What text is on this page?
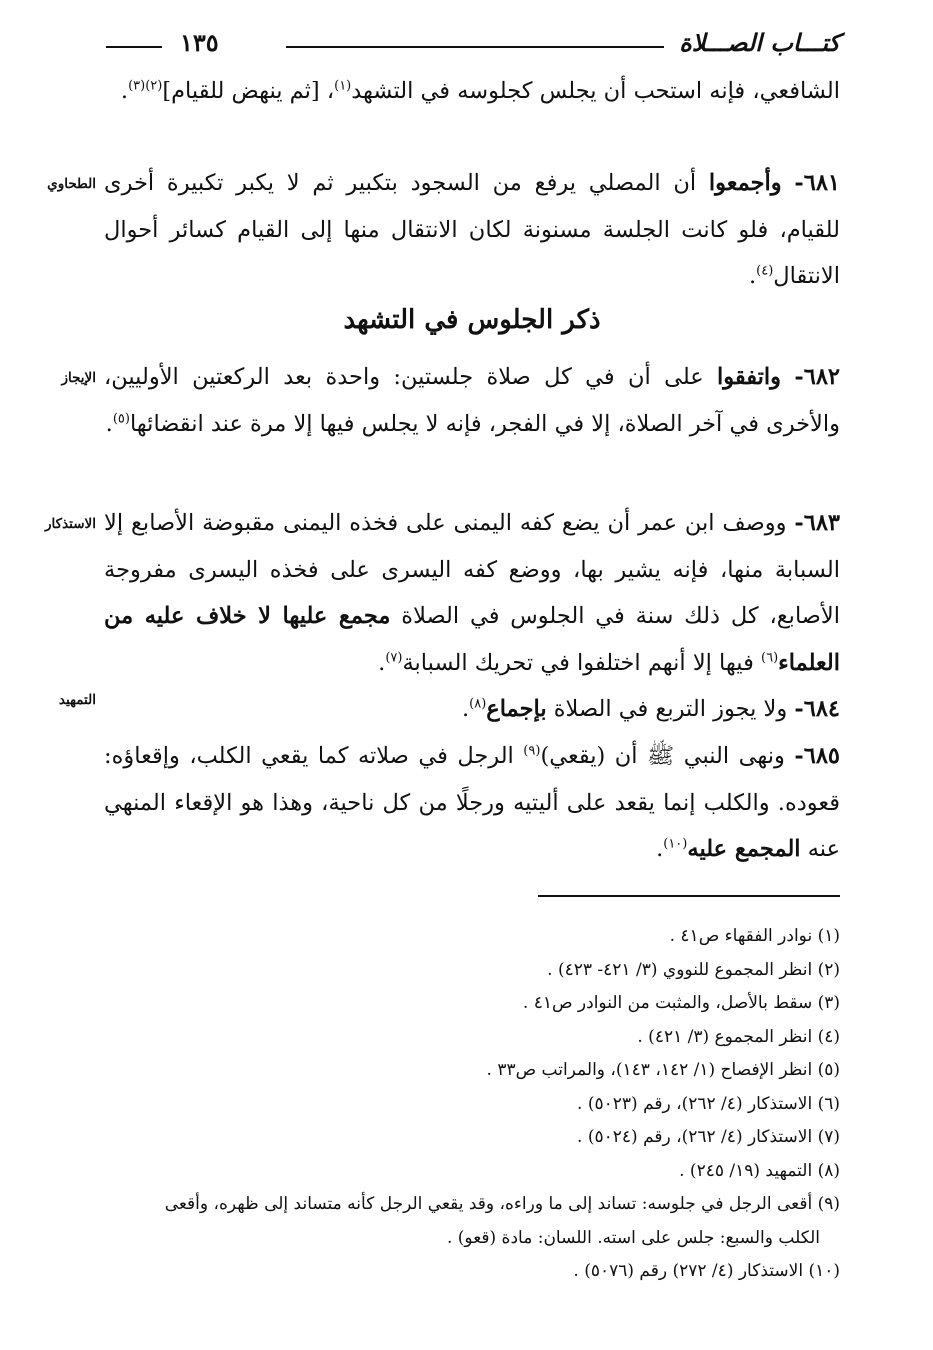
كتـــاب الصـــلاة
١٣٥
الشافعي، فإنه استحب أن يجلس كجلوسه في التشهد$^{(١)}$، [ثم ينهض للقيام]$^{(٢)(٣)}$.
الطحاوي	٦٨١- وأجمعوا أن المصلي يرفع من السجود بتكبير ثم لا يكبر تكبيرة أخرى للقيام، فلو كانت الجلسة مسنونة لكان الانتقال منها إلى القيام كسائر أحوال الانتقال$^{(٤)}$.
ذكر الجلوس في التشهد
الإيجاز	٦٨٢- واتفقوا على أن في كل صلاة جلستين: واحدة بعد الركعتين الأوليين، والأخرى في آخر الصلاة، إلا في الفجر، فإنه لا يجلس فيها إلا مرة عند انقضائها$^{(٥)}$.
الاستذكار	٦٨٣- ووصف ابن عمر أن يضع كفه اليمنى على فخذه اليمنى مقبوضة الأصابع إلا السبابة منها، فإنه يشير بها، ووضع كفه اليسرى على فخذه اليسرى مفروجة الأصابع، كل ذلك سنة في الجلوس في الصلاة مجمع عليها لا خلاف عليه من العلماء$^{(٦)}$ فيها إلا أنهم اختلفوا في تحريك السبابة$^{(٧)}$.
التمهيد	٦٨٤- ولا يجوز التربع في الصلاة بإجماع$^{(٨)}$.
٦٨٥- ونهى النبي ﷺ أن (يقعي)$^{(٩)}$ الرجل في صلاته كما يقعي الكلب، وإقعاؤه: قعوده. والكلب إنما يقعد على أليتيه ورجلًا من كل ناحية، وهذا هو الإقعاء المنهي عنه المجمع عليه$^{(١٠)}$.
(١) نوادر الفقهاء ص٤١ .
(٢) انظر المجموع للنووي (٣/ ٤٢١- ٤٢٣) .
(٣) سقط بالأصل، والمثبت من النوادر ص٤١ .
(٤) انظر المجموع (٣/ ٤٢١) .
(٥) انظر الإفصاح (١/ ١٤٢، ١٤٣)، والمراتب ص٣٣ .
(٦) الاستذكار (٤/ ٢٦٢)، رقم (٥٠٢٣) .
(٧) الاستذكار (٤/ ٢٦٢)، رقم (٥٠٢٤) .
(٨) التمهيد (١٩/ ٢٤٥) .
(٩) أقعى الرجل في جلوسه: تساند إلى ما وراءه، وقد يقعي الرجل كأنه متساند إلى ظهره، وأقعى
الكلب والسبع: جلس على استه. اللسان: مادة (قعو) .
(١٠) الاستذكار (٤/ ٢٧٢) رقم (٥٠٧٦) .
